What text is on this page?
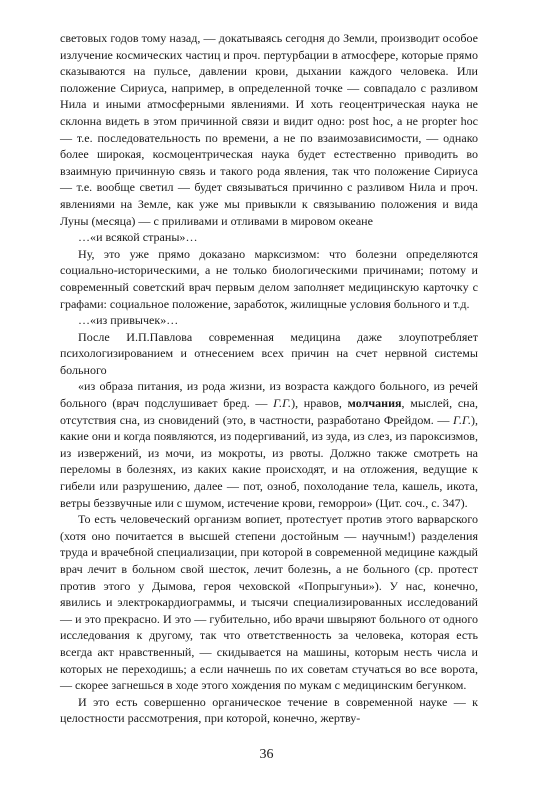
световых годов тому назад, — докатываясь сегодня до Земли, производит особое излучение космических частиц и проч. пертурбации в атмосфере, которые прямо сказываются на пульсе, давлении крови, дыхании каждого человека. Или положение Сириуса, например, в определенной точке — совпадало с разливом Нила и иными атмосферными явлениями. И хоть геоцентрическая наука не склонна видеть в этом причинной связи и видит одно: post hoc, а не propter hoc — т.е. последовательность по времени, а не по взаимозависимости, — однако более широкая, космоцентрическая наука будет естественно приводить во взаимную причинную связь и такого рода явления, так что положение Сириуса — т.е. вообще светил — будет связываться причинно с разливом Нила и проч. явлениями на Земле, как уже мы привыкли к связыванию положения и вида Луны (месяца) — с приливами и отливами в мировом океане

…«и всякой страны»…

Ну, это уже прямо доказано марксизмом: что болезни определяются социально-историческими, а не только биологическими причинами; потому и современный советский врач первым делом заполняет медицинскую карточку с графами: социальное положение, заработок, жилищные условия больного и т.д.

…«из привычек»…

После И.П.Павлова современная медицина даже злоупотребляет психологизированием и отнесением всех причин на счет нервной системы больного

«из образа питания, из рода жизни, из возраста каждого больного, из речей больного (врач подслушивает бред. — Г.Г.), нравов, молчания, мыслей, сна, отсутствия сна, из сновидений (это, в частности, разработано Фрейдом. — Г.Г.), какие они и когда появляются, из подергиваний, из зуда, из слез, из пароксизмов, из извержений, из мочи, из мокроты, из рвоты. Должно также смотреть на переломы в болезнях, из каких какие происходят, и на отложения, ведущие к гибели или разрушению, далее — пот, озноб, похолодание тела, кашель, икота, ветры беззвучные или с шумом, истечение крови, геморрои» (Цит. соч., с. 347).

То есть человеческий организм вопиет, протестует против этого варварского (хотя оно почитается в высшей степени достойным — научным!) разделения труда и врачебной специализации, при которой в современной медицине каждый врач лечит в больном свой шесток, лечит болезнь, а не больного (ср. протест против этого у Дымова, героя чеховской «Попрыгуньи»). У нас, конечно, явились и электрокардиограммы, и тысячи специализированных исследований — и это прекрасно. И это — губительно, ибо врачи швыряют больного от одного исследования к другому, так что ответственность за человека, которая есть всегда акт нравственный, — скидывается на машины, которым несть числа и которых не переходишь; а если начнешь по их советам стучаться во все ворота, — скорее загнешься в ходе этого хождения по мукам с медицинским бегунком.

И это есть совершенно органическое течение в современной науке — к целостности рассмотрения, при которой, конечно, жертву-

36
